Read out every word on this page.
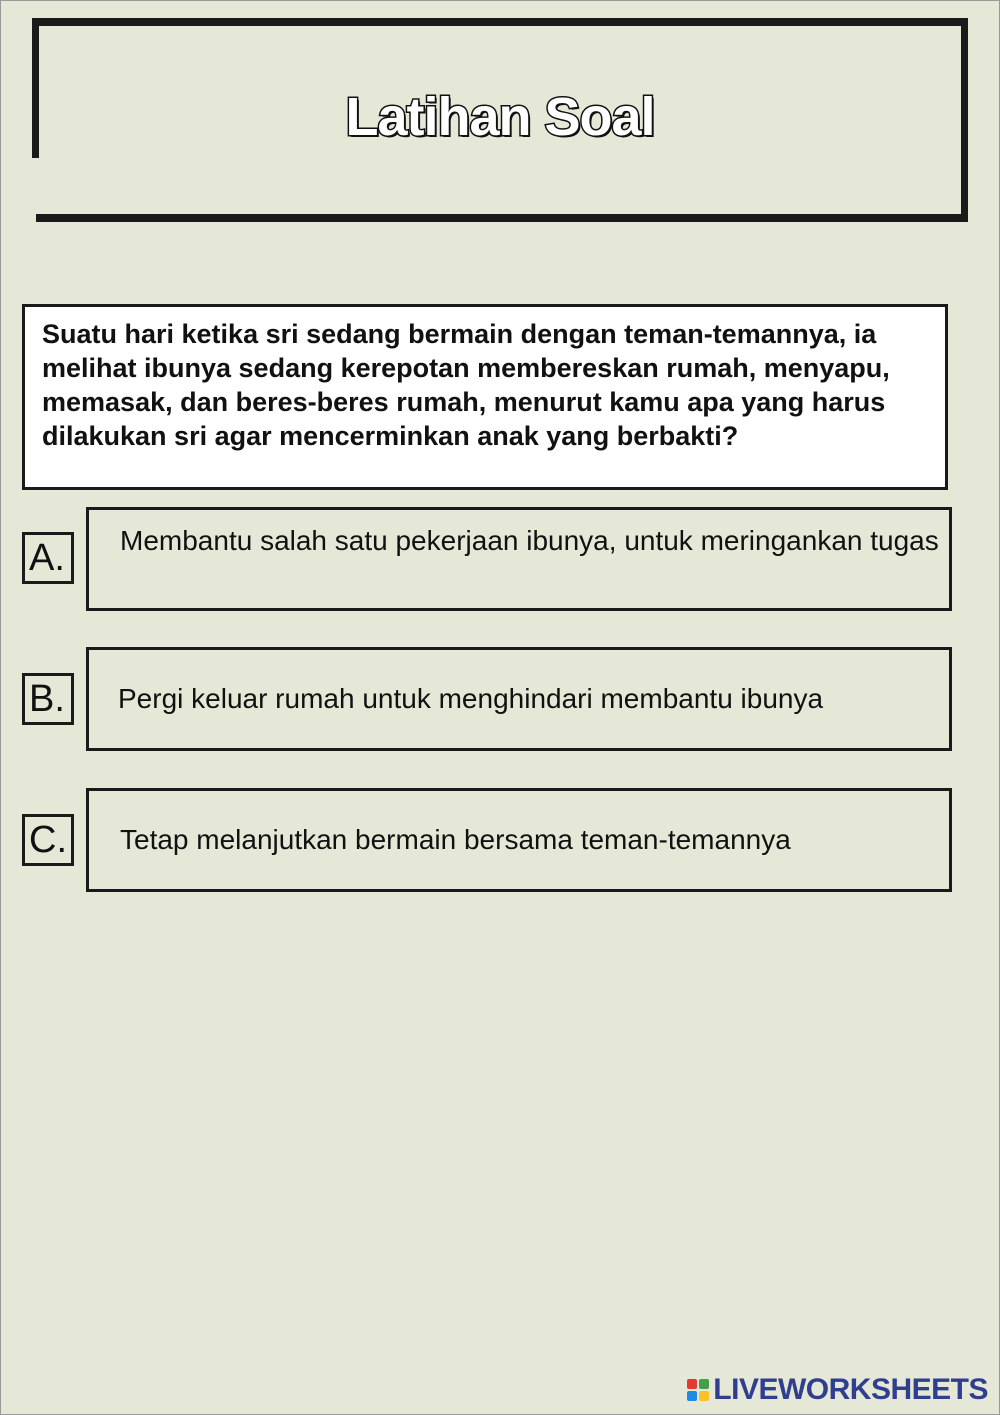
Latihan Soal
Suatu hari ketika sri sedang bermain dengan teman-temannya, ia melihat ibunya sedang kerepotan membereskan rumah, menyapu, memasak, dan beres-beres rumah, menurut kamu apa yang harus dilakukan sri agar mencerminkan anak yang berbakti?
A.	Membantu salah satu pekerjaan ibunya, untuk meringankan tugas
B.	Pergi keluar rumah untuk menghindari membantu ibunya
C. Tetap melanjutkan bermain bersama teman-temannya
LIVEWORKSHEETS
